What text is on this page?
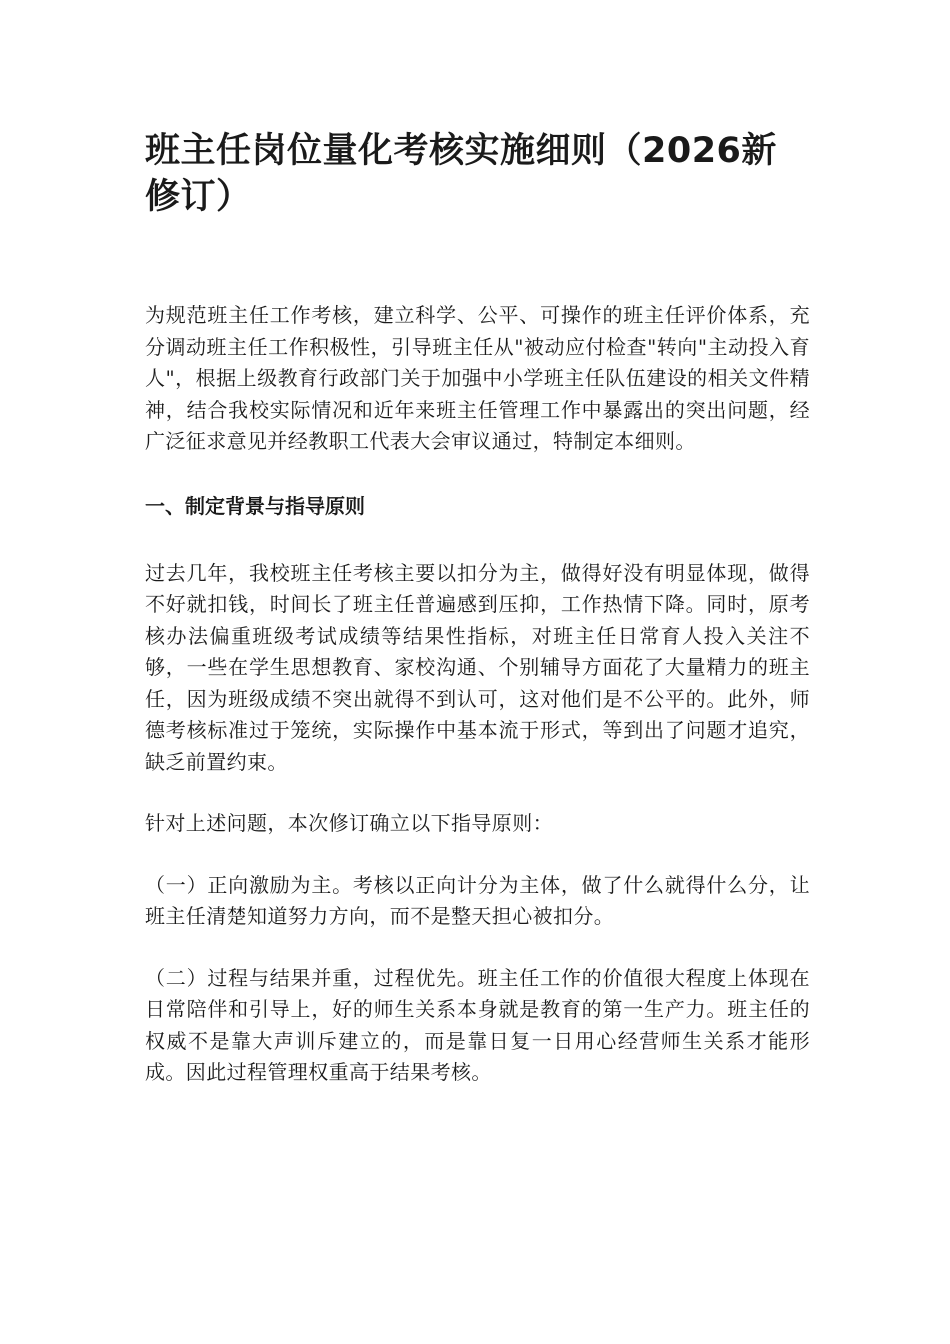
班主任岗位量化考核实施细则（2026新修订）

为规范班主任工作考核，建立科学、公平、可操作的班主任评价体系，充分调动班主任工作积极性，引导班主任从"被动应付检查"转向"主动投入育人"，根据上级教育行政部门关于加强中小学班主任队伍建设的相关文件精神，结合我校实际情况和近年来班主任管理工作中暴露出的突出问题，经广泛征求意见并经教职工代表大会审议通过，特制定本细则。

一、制定背景与指导原则

过去几年，我校班主任考核主要以扣分为主，做得好没有明显体现，做得不好就扣钱，时间长了班主任普遍感到压抑，工作热情下降。同时，原考核办法偏重班级考试成绩等结果性指标，对班主任日常育人投入关注不够，一些在学生思想教育、家校沟通、个别辅导方面花了大量精力的班主任，因为班级成绩不突出就得不到认可，这对他们是不公平的。此外，师德考核标准过于笼统，实际操作中基本流于形式，等到出了问题才追究，缺乏前置约束。

针对上述问题，本次修订确立以下指导原则：

（一）正向激励为主。考核以正向计分为主体，做了什么就得什么分，让班主任清楚知道努力方向，而不是整天担心被扣分。

（二）过程与结果并重，过程优先。班主任工作的价值很大程度上体现在日常陪伴和引导上，好的师生关系本身就是教育的第一生产力。班主任的权威不是靠大声训斥建立的，而是靠日复一日用心经营师生关系才能形成。因此过程管理权重高于结果考核。
